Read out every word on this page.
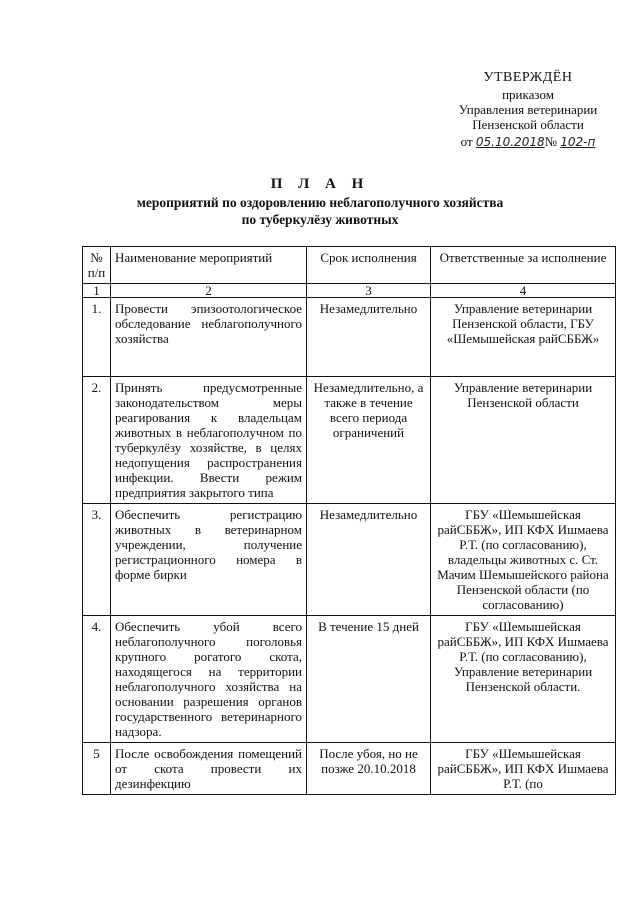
УТВЕРЖДЁН
приказом
Управления ветеринарии
Пензенской области
от 05.10.2018№ 102-п
П Л А Н
мероприятий по оздоровлению неблагополучного хозяйства
по туберкулёзу животных
№ п/п	Наименование мероприятий	Срок исполнения	Ответственные за исполнение
1	2	3	4
1.	Провести эпизоотологическое обследование неблагополучного хозяйства	Незамедлительно	Управление ветеринарии Пензенской области, ГБУ «Шемышейская райСББЖ»
2.	Принять предусмотренные законодательством меры реагирования к владельцам животных в неблагополучном по туберкулёзу хозяйстве, в целях недопущения распространения инфекции. Ввести режим предприятия закрытого типа	Незамедлительно, а также в течение всего периода ограничений	Управление ветеринарии Пензенской области
3.	Обеспечить регистрацию животных в ветеринарном учреждении, получение регистрационного номера в форме бирки	Незамедлительно	ГБУ «Шемышейская райСББЖ», ИП КФХ Ишмаева Р.Т. (по согласованию), владельцы животных с. Ст. Мачим Шемышейского района Пензенской области (по согласованию)
4.	Обеспечить убой всего неблагополучного поголовья крупного рогатого скота, находящегося на территории неблагополучного хозяйства на основании разрешения органов государственного ветеринарного надзора.	В течение 15 дней	ГБУ «Шемышейская райСББЖ», ИП КФХ Ишмаева Р.Т. (по согласованию), Управление ветеринарии Пензенской области.
5	После освобождения помещений от скота провести их дезинфекцию	После убоя, но не позже 20.10.2018	ГБУ «Шемышейская райСББЖ», ИП КФХ Ишмаева Р.Т. (по
